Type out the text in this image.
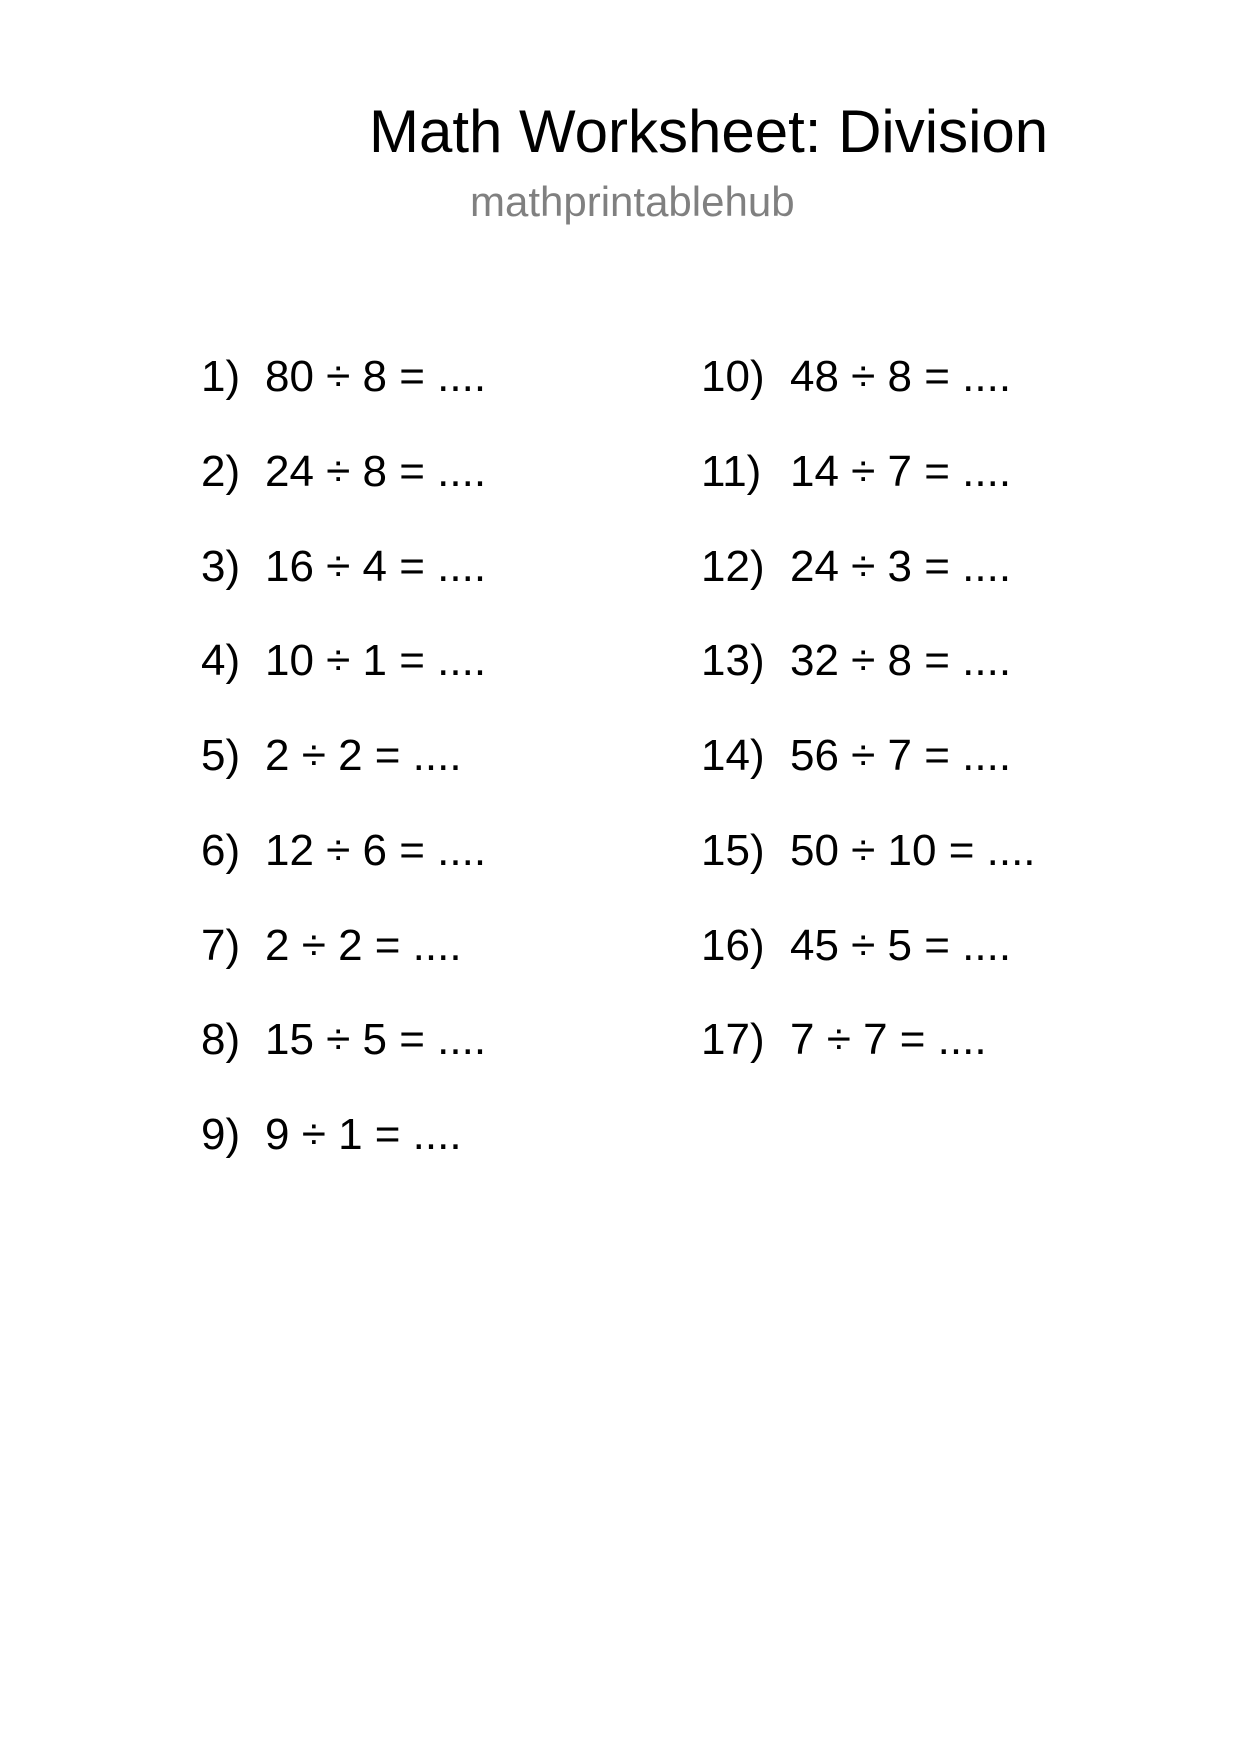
Math Worksheet: Division
mathprintablehub
1) 80 ÷ 8 = ....
2) 24 ÷ 8 = ....
3) 16 ÷ 4 = ....
4) 10 ÷ 1 = ....
5) 2 ÷ 2 = ....
6) 12 ÷ 6 = ....
7) 2 ÷ 2 = ....
8) 15 ÷ 5 = ....
9) 9 ÷ 1 = ....
10) 48 ÷ 8 = ....
11) 14 ÷ 7 = ....
12) 24 ÷ 3 = ....
13) 32 ÷ 8 = ....
14) 56 ÷ 7 = ....
15) 50 ÷ 10 = ....
16) 45 ÷ 5 = ....
17) 7 ÷ 7 = ....
